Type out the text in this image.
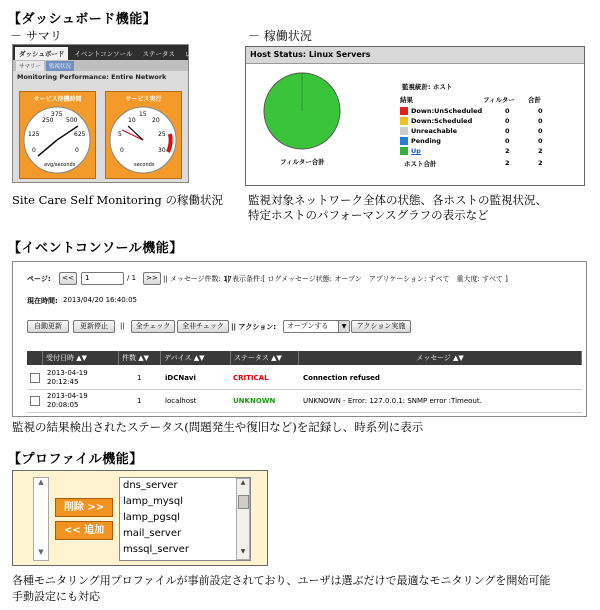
【ダッシュボード機能】
－ サマリ	－ 稼働状況
ダッシュボード	イベントコンソール	ステータス	レポ
サマリー	監視状況
Monitoring Performance: Entire Network
サービス待機時間
250
375
500
125	625
0	0
avg/seconds
サービス実行
10
15
20
5	25
0	30
seconds
Host Status: Linux Servers
フィルター合計
監視統計: ホスト
結果	フィルター 合計
Down:UnScheduled	0	0
Down:Scheduled	0	0
Unreachable	0	0
Pending	0	0
Up	2	2
ホスト合計	2	2
Site Care Self Monitoring の稼働状況 監視対象ネットワーク全体の状態、各ホストの監視状況、
特定ホストのパフォーマンスグラフの表示など
【イベントコンソール機能】
ページ:	<<	1	/ 1	>> || メッセージ件数: 17
|| 表示条件:[ ログメッセージ状態: オープン　アプリケーション: すべて　重大度: すべて ]
現在時間: 2013/04/20 16:40:05
自動更新	更新停止	||	全チェック	全非チェック	|| アクション:	オープンする	▼	アクション実施
受付日時 ▲▼	件数 ▲▼	デバイス ▲▼	ステータス ▲▼	メッセージ ▲▼
2013-04-19
20:12:45	1	iDCNavi	CRITICAL	Connection refused
2013-04-19
20:08:05	1	localhost	UNKNOWN	UNKNOWN - Error: 127.0.0.1: SNMP error :Timeout.
監視の結果検出されたステータス(問題発生や復旧など)を記録し、時系列に表示
【プロファイル機能】
▲
▼
削除 >>
<< 追加
dns_server
lamp_mysql
lamp_pgsql
mail_server
mssql_server
▲
▼
各種モニタリング用プロファイルが事前設定されており、ユーザは選ぶだけで最適なモニタリングを開始可能
手動設定にも対応
